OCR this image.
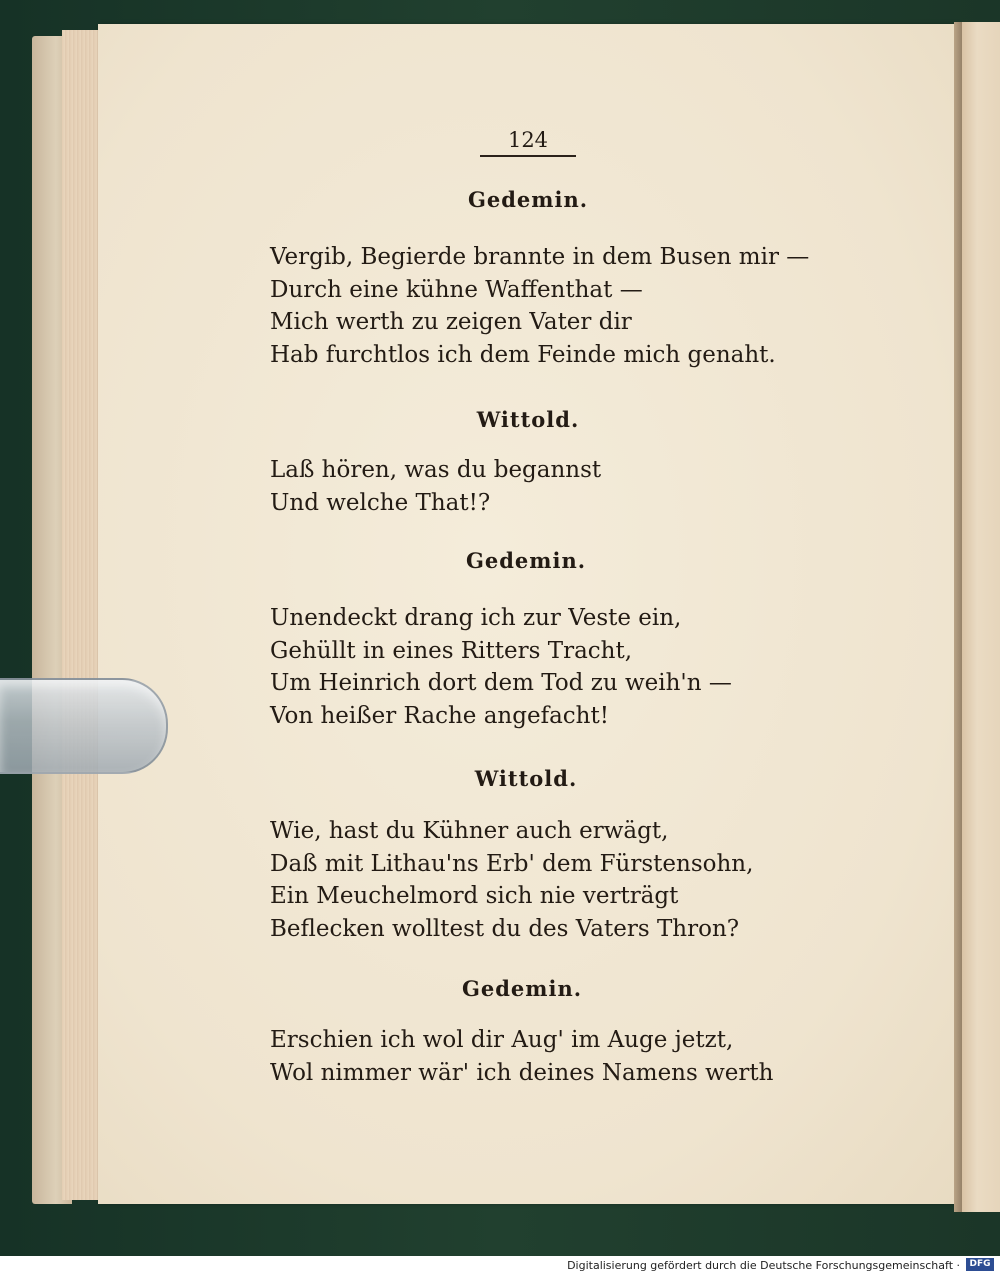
124
Gedemin.
Vergib, Begierde brannte in dem Busen mir —
Durch eine kühne Waffenthat —
Mich werth zu zeigen Vater dir
Hab furchtlos ich dem Feinde mich genaht.
Wittold.
Laß hören, was du begannst
Und welche That!?
Gedemin.
Unendeckt drang ich zur Veste ein,
Gehüllt in eines Ritters Tracht,
Um Heinrich dort dem Tod zu weih'n —
Von heißer Rache angefacht!
Wittold.
Wie, hast du Kühner auch erwägt,
Daß mit Lithau'ns Erb' dem Fürstensohn,
Ein Meuchelmord sich nie verträgt
Beflecken wolltest du des Vaters Thron?
Gedemin.
Erschien ich wol dir Aug' im Auge jetzt,
Wol nimmer wär' ich deines Namens werth
Digitalisierung gefördert durch die Deutsche Forschungsgemeinschaft ·	DFG
